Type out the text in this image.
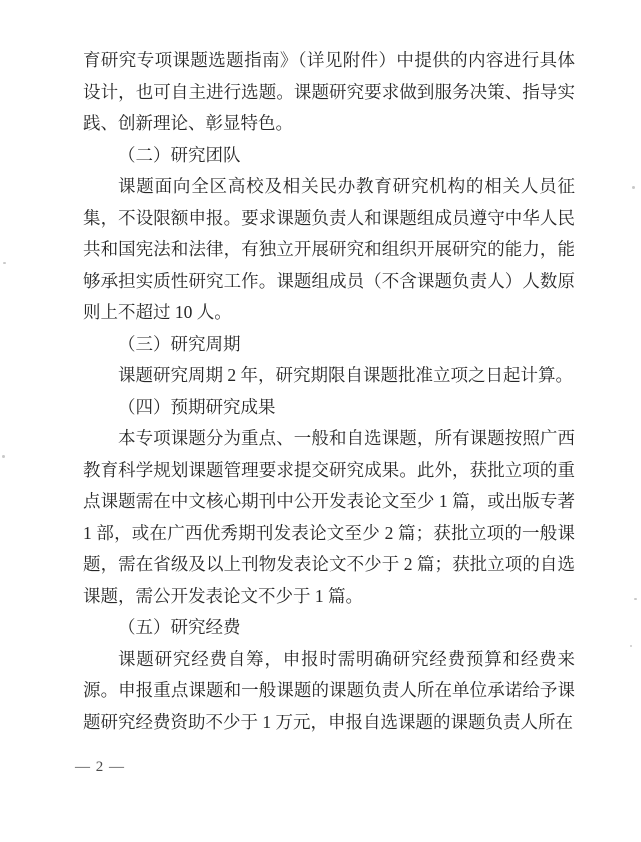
育研究专项课题选题指南》（详见附件）中提供的内容进行具体设计，也可自主进行选题。课题研究要求做到服务决策、指导实践、创新理论、彰显特色。

（二）研究团队

课题面向全区高校及相关民办教育研究机构的相关人员征集，不设限额申报。要求课题负责人和课题组成员遵守中华人民共和国宪法和法律，有独立开展研究和组织开展研究的能力，能够承担实质性研究工作。课题组成员（不含课题负责人）人数原则上不超过 10 人。

（三）研究周期

课题研究周期 2 年，研究期限自课题批准立项之日起计算。

（四）预期研究成果

本专项课题分为重点、一般和自选课题，所有课题按照广西教育科学规划课题管理要求提交研究成果。此外，获批立项的重点课题需在中文核心期刊中公开发表论文至少 1 篇，或出版专著 1 部，或在广西优秀期刊发表论文至少 2 篇；获批立项的一般课题，需在省级及以上刊物发表论文不少于 2 篇；获批立项的自选课题，需公开发表论文不少于 1 篇。

（五）研究经费

课题研究经费自筹，申报时需明确研究经费预算和经费来源。申报重点课题和一般课题的课题负责人所在单位承诺给予课题研究经费资助不少于 1 万元，申报自选课题的课题负责人所在

— 2 —
